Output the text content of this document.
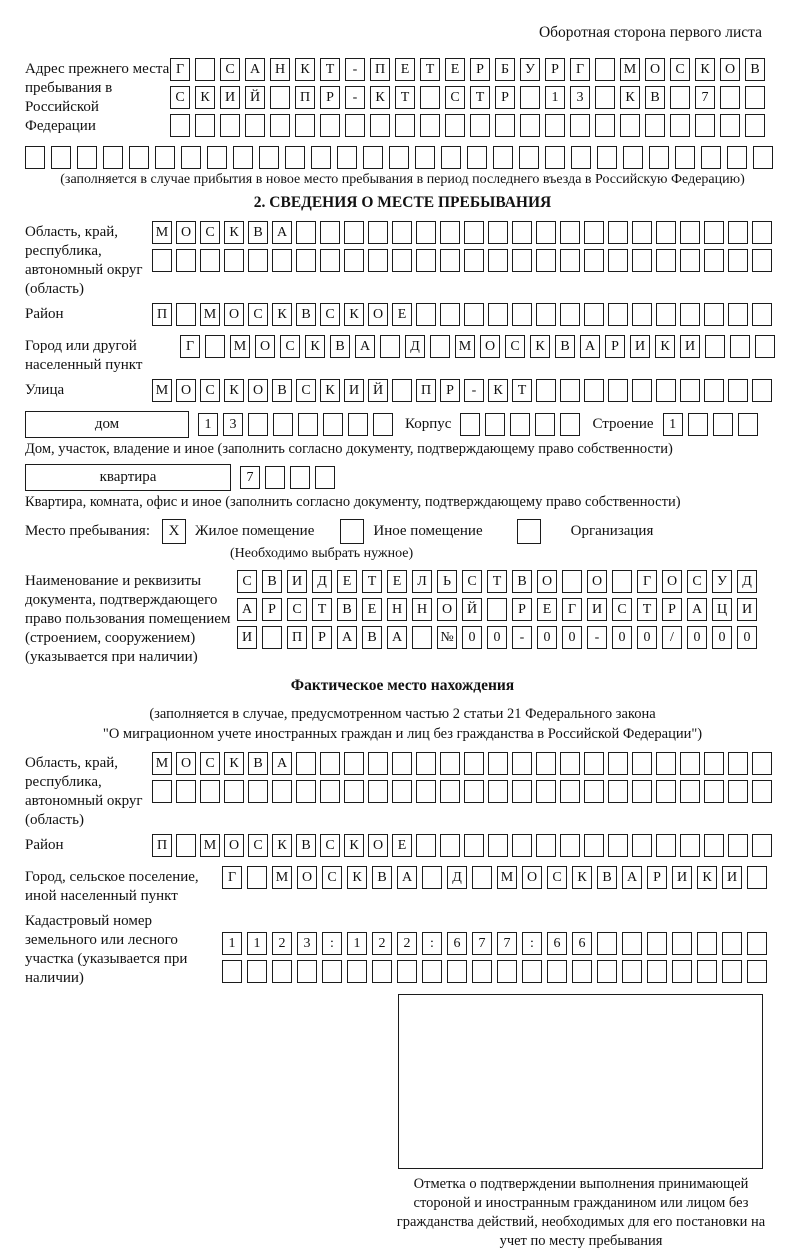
Оборотная сторона первого листа
Адрес прежнего места пребывания в Российской Федерации
Г	С	А	Н	К	Т	-	П	Е	Т	Е	Р	Б	У	Р	Г	М О	С	К	О	В
С	К	И	Й	П	Р	-	К	Т	С	Т	Р	1	3	К	В	7
(заполняется в случае прибытия в новое место пребывания в период последнего въезда в Российскую Федерацию)
2. СВЕДЕНИЯ О МЕСТЕ ПРЕБЫВАНИЯ
Область, край, республика, автономный округ (область)
М О	С	К	В	А
Район	П	М О	С	К	В	С	К	О	Е
Город или другой населенный пункт
Г	М О	С	К	В	А	Д	М О	С	К	В	А	Р	И	К	И
Улица	М О	С	К	О	В	С	К	И Й	П	Р	-	К	Т
дом	1	3	Корпус	Строение	1
Дом, участок, владение и иное (заполнить согласно документу, подтверждающему право собственности)
квартира	7
Квартира, комната, офис и иное (заполнить согласно документу, подтверждающему право собственности)
Место пребывания:	X	Жилое помещение	Иное помещение	Организация
(Необходимо выбрать нужное)
Наименование и реквизиты документа, подтверждающего право пользования помещением (строением, сооружением) (указывается при наличии)
С	В	И	Д	Е	Т	Е	Л	Ь	С	Т	В	О	О	Г	О	С	У	Д
А	Р	С	Т	В	Е	Н	Н	О	Й	Р	Е	Г	И	С	Т	Р	А	Ц	И
И	П	Р	А	В	А	№	0	0	-	0	0	-	0	0	/	0	0	0
Фактическое место нахождения
(заполняется в случае, предусмотренном частью 2 статьи 21 Федерального закона
"О миграционном учете иностранных граждан и лиц без гражданства в Российской Федерации")
Область, край, республика, автономный округ (область)
М О	С	К	В	А
Район	П	М О	С	К	В	С	К	О	Е
Город, сельское поселение, иной населенный пункт
Г	М О	С	К	В	А	Д	М О	С	К	В	А	Р	И	К	И
Кадастровый номер земельного или лесного участка (указывается при наличии)
1	1	2	3	:	1	2	2	:	6	7	7	:	6	6
Отметка о подтверждении выполнения принимающей стороной и иностранным гражданином или лицом без гражданства действий, необходимых для его постановки на учет по месту пребывания
